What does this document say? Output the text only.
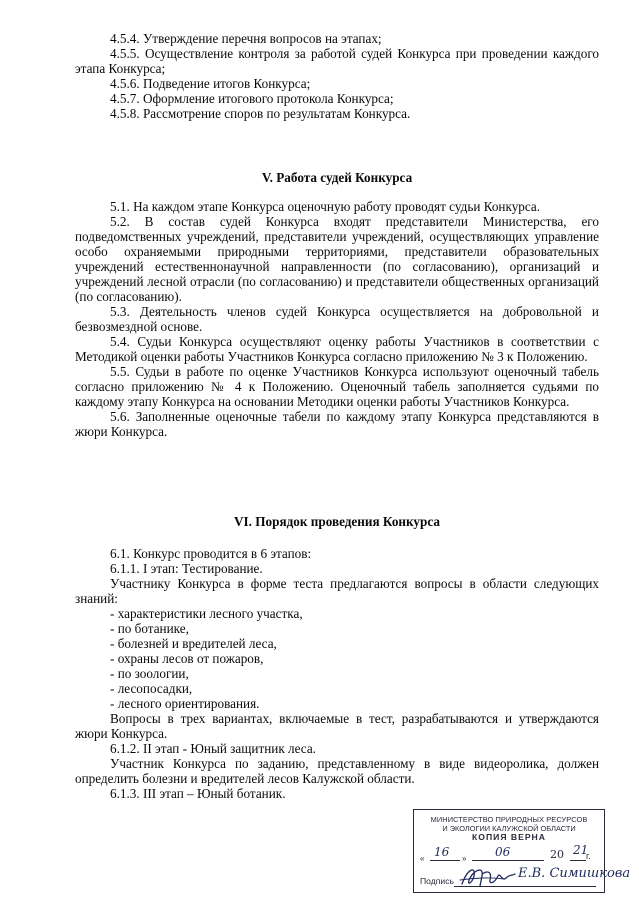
4.5.4. Утверждение перечня вопросов на этапах;

4.5.5. Осуществление контроля за работой судей Конкурса при проведении каждого этапа Конкурса;

4.5.6. Подведение итогов Конкурса;

4.5.7. Оформление итогового протокола Конкурса;

4.5.8. Рассмотрение споров по результатам Конкурса.

V. Работа судей Конкурса

5.1. На каждом этапе Конкурса оценочную работу проводят судьи Конкурса.

5.2. В состав судей Конкурса входят представители Министерства, его подведомственных учреждений, представители учреждений, осуществляющих управление особо охраняемыми природными территориями, представители образовательных учреждений естественнонаучной направленности (по согласованию), организаций и учреждений лесной отрасли (по согласованию) и представители общественных организаций (по согласованию).

5.3. Деятельность членов судей Конкурса осуществляется на добровольной и безвозмездной основе.

5.4. Судьи Конкурса осуществляют оценку работы Участников в соответствии с Методикой оценки работы Участников Конкурса согласно приложению № 3 к Положению.

5.5. Судьи в работе по оценке Участников Конкурса используют оценочный табель согласно приложению № 4 к Положению. Оценочный табель заполняется судьями по каждому этапу Конкурса на основании Методики оценки работы Участников Конкурса.

5.6. Заполненные оценочные табели по каждому этапу Конкурса представляются в жюри Конкурса.

VI. Порядок проведения Конкурса

6.1. Конкурс проводится в 6 этапов:

6.1.1. I этап: Тестирование.

Участнику Конкурса в форме теста предлагаются вопросы в области следующих знаний:

- характеристики лесного участка,

- по ботанике,

- болезней и вредителей леса,

- охраны лесов от пожаров,

- по зоологии,

- лесопосадки,

- лесного ориентирования.

Вопросы в трех вариантах, включаемые в тест, разрабатываются и утверждаются жюри Конкурса.

6.1.2. II этап - Юный защитник леса.

Участник Конкурса по заданию, представленному в виде видеоролика, должен определить болезни и вредителей лесов Калужской области.

6.1.3. III этап – Юный ботаник.

МИНИСТЕРСТВО ПРИРОДНЫХ РЕСУРСОВ
И ЭКОЛОГИИ КАЛУЖСКОЙ ОБЛАСТИ
КОПИЯ ВЕРНА
« 16 » 06	20 21
г.
Подпись	Е.В. Симишкова
